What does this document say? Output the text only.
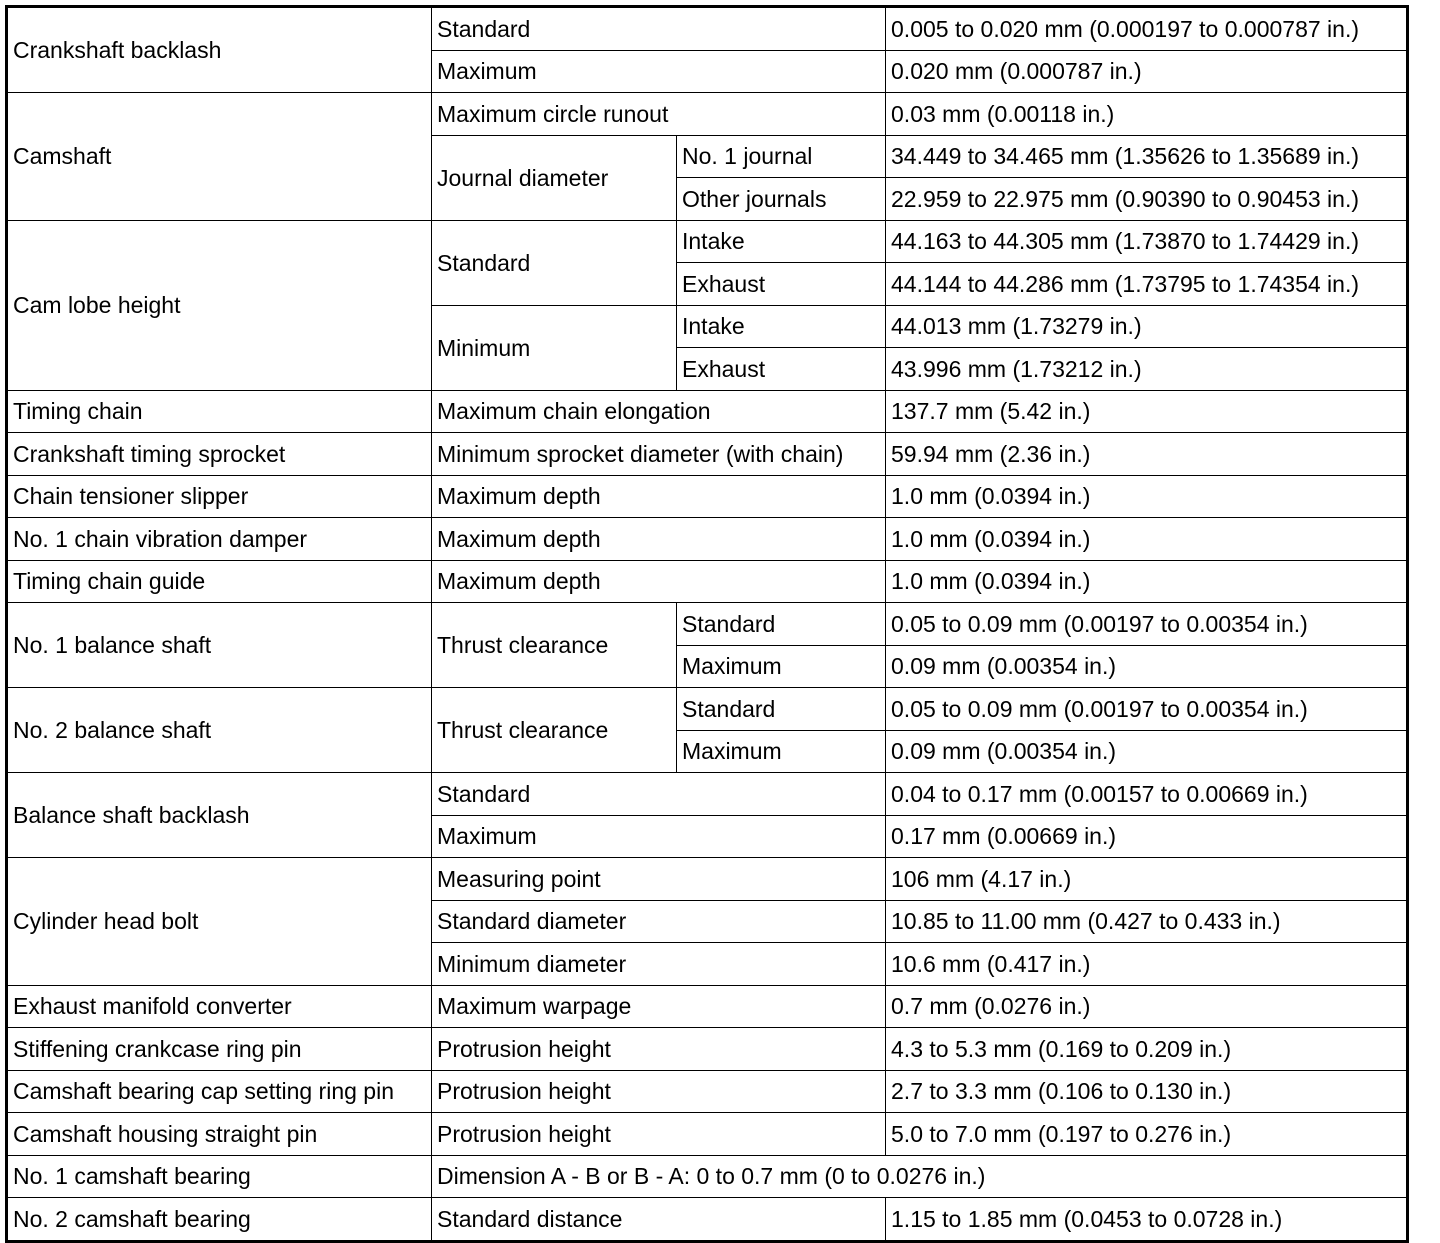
Crankshaft backlash	Standard		0.005 to 0.020 mm (0.000197 to 0.000787 in.)
	Maximum		0.020 mm (0.000787 in.)
Camshaft	Maximum circle runout		0.03 mm (0.00118 in.)
	Journal diameter	No. 1 journal	34.449 to 34.465 mm (1.35626 to 1.35689 in.)
		Other journals	22.959 to 22.975 mm (0.90390 to 0.90453 in.)
Cam lobe height	Standard	Intake	44.163 to 44.305 mm (1.73870 to 1.74429 in.)
		Exhaust	44.144 to 44.286 mm (1.73795 to 1.74354 in.)
	Minimum	Intake	44.013 mm (1.73279 in.)
		Exhaust	43.996 mm (1.73212 in.)
Timing chain	Maximum chain elongation		137.7 mm (5.42 in.)
Crankshaft timing sprocket	Minimum sprocket diameter (with chain)		59.94 mm (2.36 in.)
Chain tensioner slipper	Maximum depth		1.0 mm (0.0394 in.)
No. 1 chain vibration damper	Maximum depth		1.0 mm (0.0394 in.)
Timing chain guide	Maximum depth		1.0 mm (0.0394 in.)
No. 1 balance shaft	Thrust clearance	Standard	0.05 to 0.09 mm (0.00197 to 0.00354 in.)
		Maximum	0.09 mm (0.00354 in.)
No. 2 balance shaft	Thrust clearance	Standard	0.05 to 0.09 mm (0.00197 to 0.00354 in.)
		Maximum	0.09 mm (0.00354 in.)
Balance shaft backlash	Standard		0.04 to 0.17 mm (0.00157 to 0.00669 in.)
	Maximum		0.17 mm (0.00669 in.)
Cylinder head bolt	Measuring point		106 mm (4.17 in.)
	Standard diameter		10.85 to 11.00 mm (0.427 to 0.433 in.)
	Minimum diameter		10.6 mm (0.417 in.)
Exhaust manifold converter	Maximum warpage		0.7 mm (0.0276 in.)
Stiffening crankcase ring pin	Protrusion height		4.3 to 5.3 mm (0.169 to 0.209 in.)
Camshaft bearing cap setting ring pin	Protrusion height		2.7 to 3.3 mm (0.106 to 0.130 in.)
Camshaft housing straight pin	Protrusion height		5.0 to 7.0 mm (0.197 to 0.276 in.)
No. 1 camshaft bearing	Dimension A - B or B - A: 0 to 0.7 mm (0 to 0.0276 in.)		
No. 2 camshaft bearing	Standard distance		1.15 to 1.85 mm (0.0453 to 0.0728 in.)
